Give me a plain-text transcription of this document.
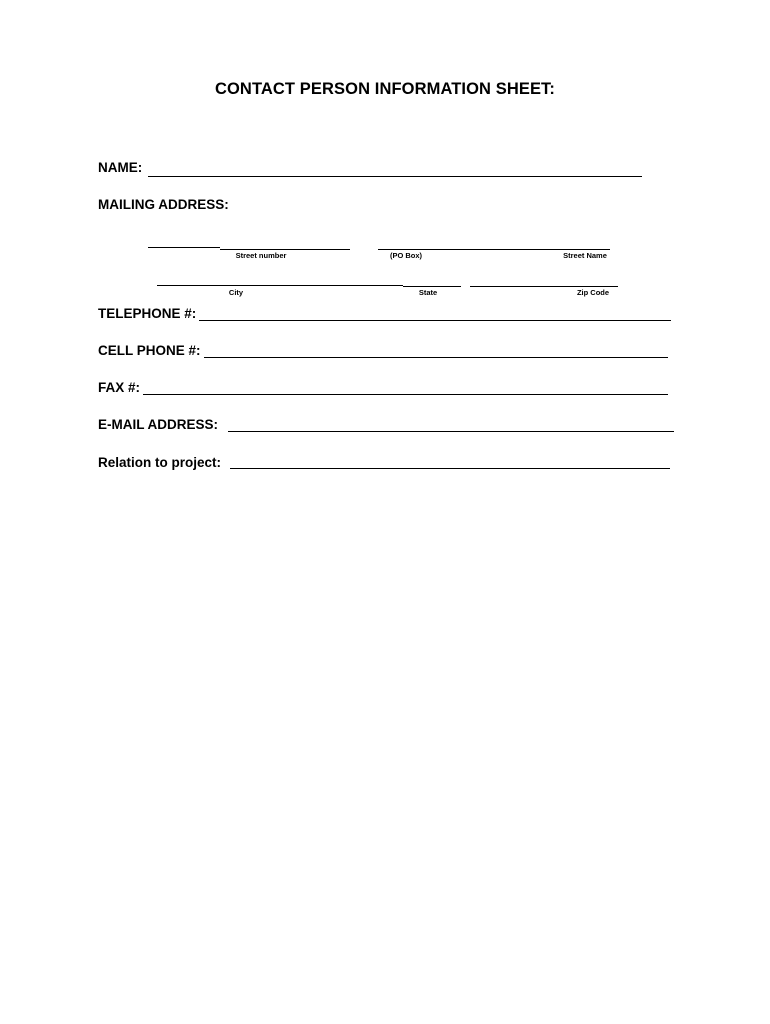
CONTACT PERSON INFORMATION SHEET:
NAME:
MAILING ADDRESS:
Street number	(PO Box)	Street Name
City	State	Zip Code
TELEPHONE #:
CELL PHONE #:
FAX #:
E-MAIL ADDRESS:
Relation to project:
